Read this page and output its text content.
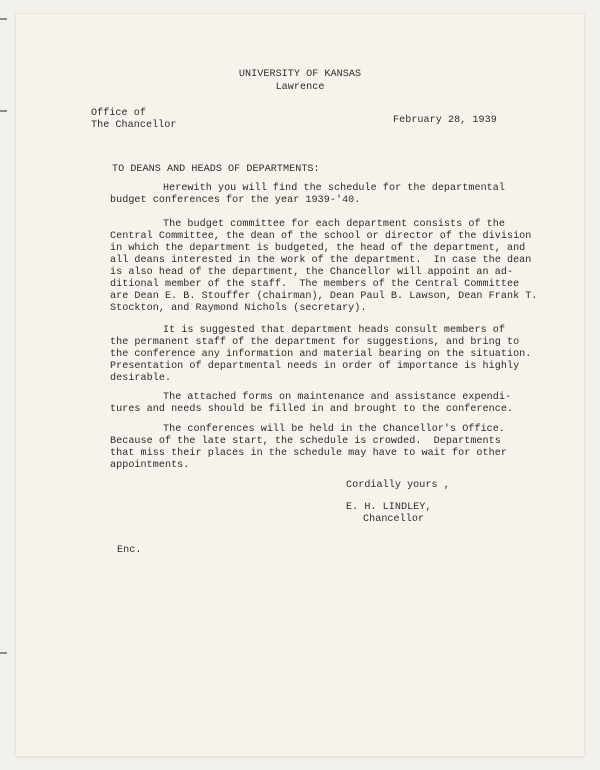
UNIVERSITY OF KANSAS
Lawrence
Office of
The Chancellor	February 28, 1939
TO DEANS AND HEADS OF DEPARTMENTS:
Herewith you will find the schedule for the departmental
budget conferences for the year 1939-'40.
The budget committee for each department consists of the
Central Committee, the dean of the school or director of the division
in which the department is budgeted, the head of the department, and
all deans interested in the work of the department.  In case the dean
is also head of the department, the Chancellor will appoint an ad-
ditional member of the staff.  The members of the Central Committee
are Dean E. B. Stouffer (chairman), Dean Paul B. Lawson, Dean Frank T.
Stockton, and Raymond Nichols (secretary).
It is suggested that department heads consult members of
the permanent staff of the department for suggestions, and bring to
the conference any information and material bearing on the situation.
Presentation of departmental needs in order of importance is highly
desirable.
The attached forms on maintenance and assistance expendi-
tures and needs should be filled in and brought to the conference.
The conferences will be held in the Chancellor's Office.
Because of the late start, the schedule is crowded.  Departments
that miss their places in the schedule may have to wait for other
appointments.
Cordially yours ,
E. H. LINDLEY,
Chancellor
Enc.
